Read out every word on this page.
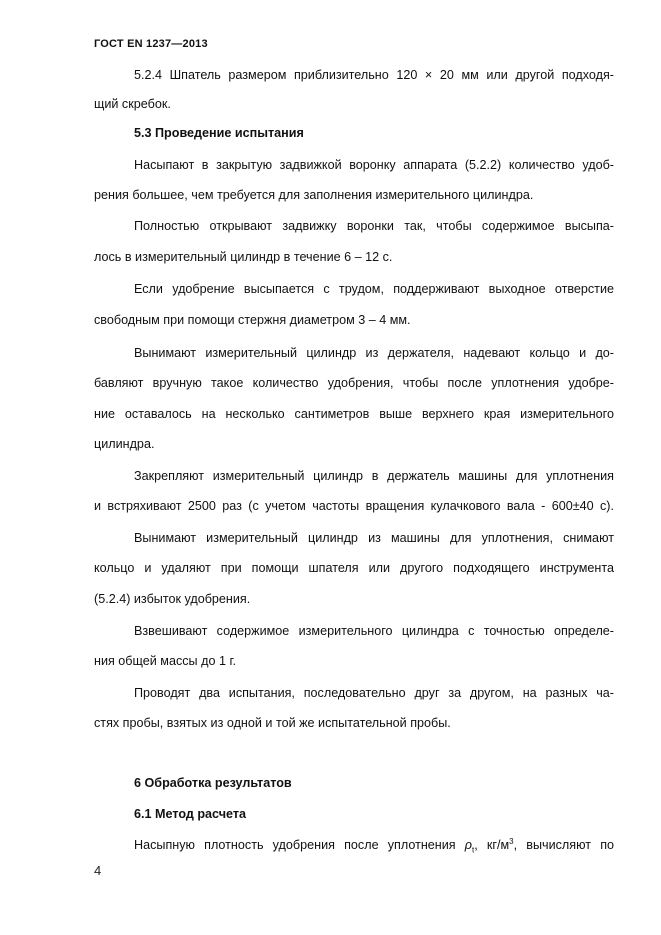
ГОСТ EN 1237—2013
5.2.4 Шпатель размером приблизительно 120 × 20 мм или другой подходя-
щий скребок.
5.3 Проведение испытания
Насыпают в закрытую задвижкой воронку аппарата (5.2.2) количество удоб-
рения большее, чем требуется для заполнения измерительного цилиндра.
Полностью открывают задвижку воронки так, чтобы содержимое высыпа-
лось в измерительный цилиндр в течение 6 – 12 с.
Если удобрение высыпается с трудом, поддерживают выходное отверстие
свободным при помощи стержня диаметром 3 – 4 мм.
Вынимают измерительный цилиндр из держателя, надевают кольцо и до-
бавляют вручную такое количество удобрения, чтобы после уплотнения удобре-
ние оставалось на несколько сантиметров выше верхнего края измерительного
цилиндра.
Закрепляют измерительный цилиндр в держатель машины для уплотнения
и встряхивают 2500 раз (с учетом частоты вращения кулачкового вала - 600±40 с).
Вынимают измерительный цилиндр из машины для уплотнения, снимают
кольцо и удаляют при помощи шпателя или другого подходящего инструмента
(5.2.4) избыток удобрения.
Взвешивают содержимое измерительного цилиндра с точностью определе-
ния общей массы до 1 г.
Проводят два испытания, последовательно друг за другом, на разных ча-
стях пробы, взятых из одной и той же испытательной пробы.
6 Обработка результатов
6.1 Метод расчета
Насыпную плотность удобрения после уплотнения $\rho_t$, $кг/м^3$, вычисляют по
4
